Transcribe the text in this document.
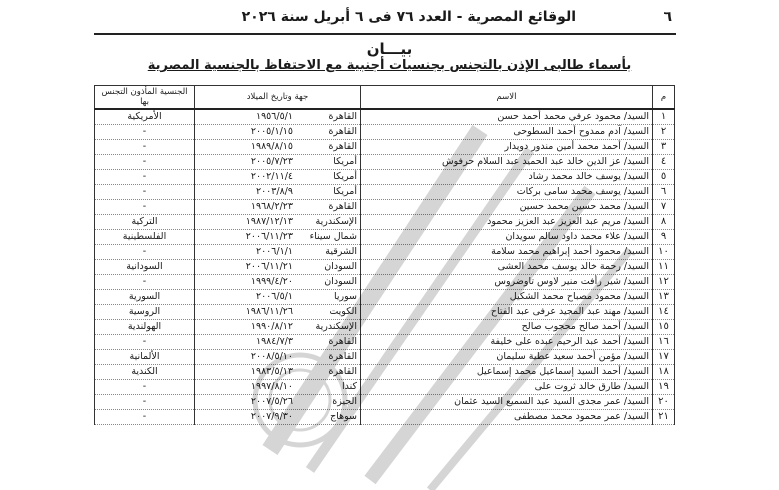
٦
الوقائع المصرية - العدد ٧٦ فى ٦ أبريل سنة ٢٠٢٦
بيـــان
بأسماء طالبى الإذن بالتجنس بجنسيات أجنبية مع الاحتفاظ بالجنسية المصرية
م	الاسم	جهة وتاريخ الميلاد	الجنسية المأذون التجنس بها
١	السيد/ محمود عرفي محمد أحمد حسن	القاهرة١٩٥٦/٥/١	الأمريكية
٢	السيد/ آدم ممدوح أحمد السطوحى	القاهرة٢٠٠٥/١/١٥	-
٣	السيد/ أحمد محمد أمين مندور دويدار	القاهرة١٩٨٩/٨/١٥	-
٤	السيد/ عز الدين خالد عبد الحميد عبد السلام حرفوش	أمريكا٢٠٠٥/٧/٢٣	-
٥	السيد/ يوسف خالد محمد رشاد	أمريكا٢٠٠٢/١١/٤	-
٦	السيد/ يوسف محمد سامى بركات	أمريكا٢٠٠٣/٨/٩	-
٧	السيد/ محمد حسين محمد حسين	القاهرة١٩٦٨/٢/٢٣	-
٨	السيد/ مريم عبد العزيز عبد العزيز محمود	الإسكندرية١٩٨٧/١٢/١٣	التركية
٩	السيد/ علاء محمد داود سالم سويدان	شمال سيناء٢٠٠٦/١١/٢٣	الفلسطينية
١٠	السيد/ محمود أحمد إبراهيم محمد سلامة	الشرقية٢٠٠٦/١/١	-
١١	السيد/ رحمة خالد يوسف محمد العشى	السودان٢٠٠٦/١١/٢١	السودانية
١٢	السيد/ شير رأفت منير لاوس تاوضروس	السودان١٩٩٩/٤/٢٠	-
١٣	السيد/ محمود مصباح محمد الشكيل	سوريا٢٠٠٦/٥/١	السورية
١٤	السيد/ مهند عبد المجيد عرفى عبد الفتاح	الكويت١٩٨٦/١١/٢٦	الروسية
١٥	السيد/ أحمد صالح محجوب صالح	الإسكندرية١٩٩٠/٨/١٢	الهولندية
١٦	السيد/ أحمد عبد الرحيم عبده على خليفة	القاهرة١٩٨٤/٧/٣	-
١٧	السيد/ مؤمن أحمد سعيد عطية سليمان	القاهرة٢٠٠٨/٥/١٠	الألمانية
١٨	السيد/ أحمد السيد إسماعيل محمد إسماعيل	القاهرة١٩٨٣/٥/١٣	الكندية
١٩	السيد/ طارق خالد ثروت على	كندا١٩٩٧/٨/١٠	-
٢٠	السيد/ عمر مجدى السيد عبد السميع السيد عثمان	الجيزة٢٠٠٧/٥/٢٦	-
٢١	السيد/ عمر محمود محمد مصطفى	سوهاج٢٠٠٧/٩/٣٠	-
